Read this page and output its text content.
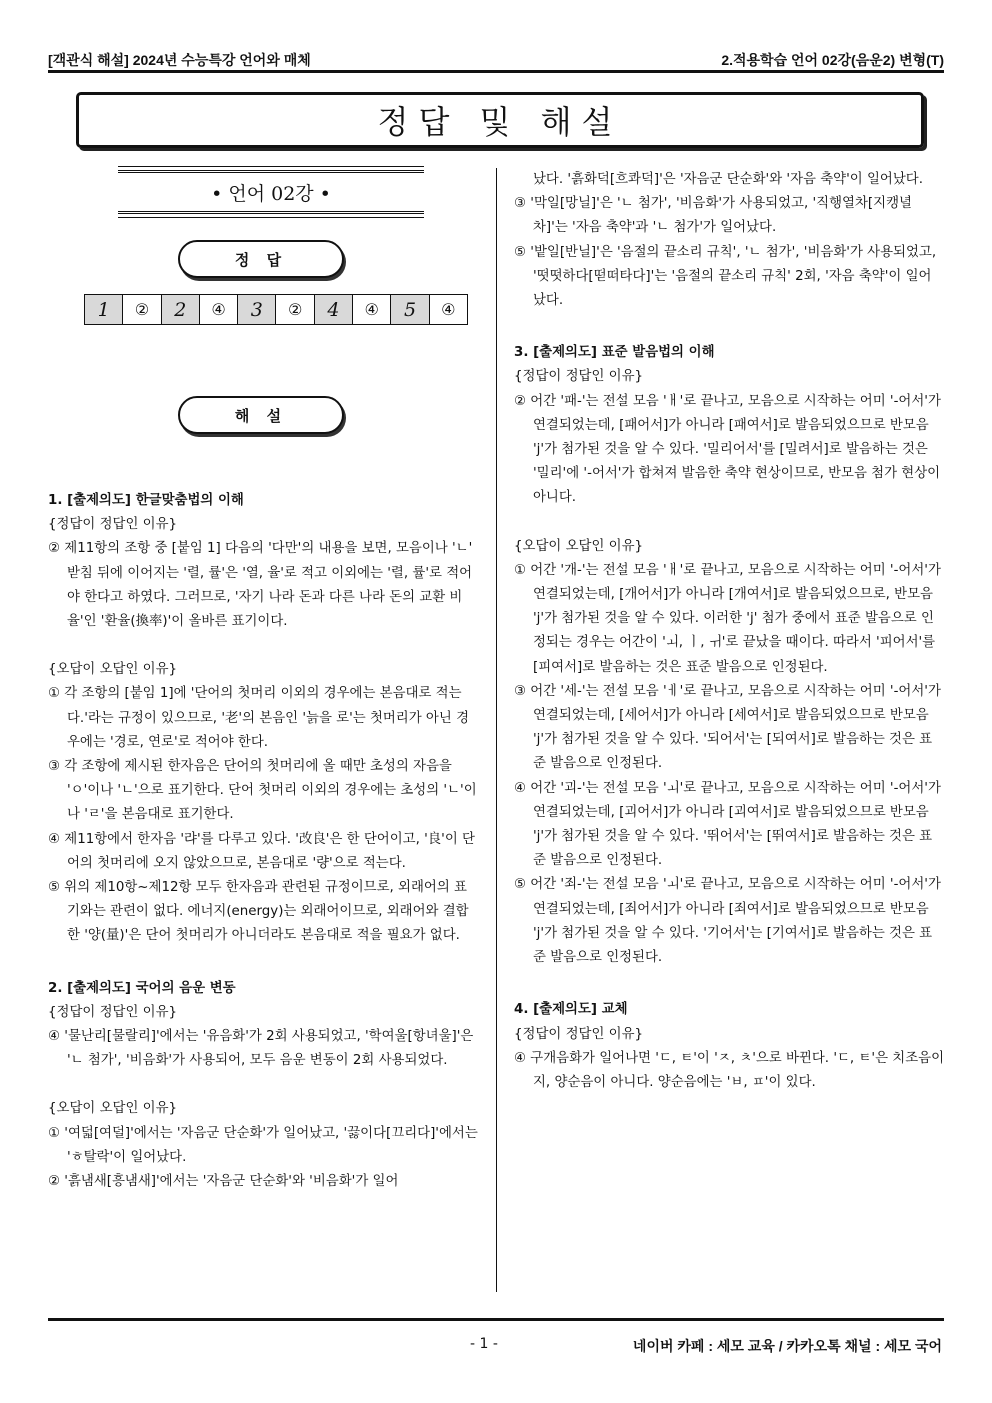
[객관식 해설] 2024년 수능특강 언어와 매체	2.적용학습 언어 02강(음운2) 변형(T)
정답 및 해설
• 언어 02강 •
정 답
1	②	2	④	3	②	4	④	5	④
해 설
1. [출제의도] 한글맞춤법의 이해
{정답이 정답인 이유}
② 제11항의 조항 중 [붙임 1] 다음의 '다만'의 내용을 보면, 모음이나 'ㄴ' 받침 뒤에 이어지는 '렬, 률'은 '열, 율'로 적고 이외에는 '렬, 률'로 적어야 한다고 하였다. 그러므로, '자기 나라 돈과 다른 나라 돈의 교환 비율'인 '환율(換率)'이 올바른 표기이다.
{오답이 오답인 이유}
① 각 조항의 [붙임 1]에 '단어의 첫머리 이외의 경우에는 본음대로 적는다.'라는 규정이 있으므로, '老'의 본음인 '늙을 로'는 첫머리가 아닌 경우에는 '경로, 연로'로 적어야 한다.
③ 각 조항에 제시된 한자음은 단어의 첫머리에 올 때만 초성의 자음을 'ㅇ'이나 'ㄴ'으로 표기한다. 단어 첫머리 이외의 경우에는 초성의 'ㄴ'이나 'ㄹ'을 본음대로 표기한다.
④ 제11항에서 한자음 '랴'를 다루고 있다. '改良'은 한 단어이고, '良'이 단어의 첫머리에 오지 않았으므로, 본음대로 '량'으로 적는다.
⑤ 위의 제10항~제12항 모두 한자음과 관련된 규정이므로, 외래어의 표기와는 관련이 없다. 에너지(energy)는 외래어이므로, 외래어와 결합한 '양(量)'은 단어 첫머리가 아니더라도 본음대로 적을 필요가 없다.
2. [출제의도] 국어의 음운 변동
{정답이 정답인 이유}
④ '물난리[물랄리]'에서는 '유음화'가 2회 사용되었고, '학여울[항녀울]'은 'ㄴ 첨가', '비음화'가 사용되어, 모두 음운 변동이 2회 사용되었다.
{오답이 오답인 이유}
① '여덟[여덜]'에서는 '자음군 단순화'가 일어났고, '끓이다[끄리다]'에서는 'ㅎ탈락'이 일어났다.
② '흙냄새[흥냄새]'에서는 '자음군 단순화'와 '비음화'가 일어
났다. '흙화덕[흐콰덕]'은 '자음군 단순화'와 '자음 축약'이 일어났다.
③ '막일[망닐]'은 'ㄴ 첨가', '비음화'가 사용되었고, '직행열차[지캥녈차]'는 '자음 축약'과 'ㄴ 첨가'가 일어났다.
⑤ '밭일[반닐]'은 '음절의 끝소리 규칙', 'ㄴ 첨가', '비음화'가 사용되었고, '떳떳하다[떧떠타다]'는 '음절의 끝소리 규칙' 2회, '자음 축약'이 일어났다.
3. [출제의도] 표준 발음법의 이해
{정답이 정답인 이유}
② 어간 '패-'는 전설 모음 'ㅐ'로 끝나고, 모음으로 시작하는 어미 '-어서'가 연결되었는데, [패어서]가 아니라 [패여서]로 발음되었으므로 반모음 'j'가 첨가된 것을 알 수 있다. '밀리어서'를 [밀려서]로 발음하는 것은 '밀리'에 '-어서'가 합쳐져 발음한 축약 현상이므로, 반모음 첨가 현상이 아니다.
{오답이 오답인 이유}
① 어간 '개-'는 전설 모음 'ㅐ'로 끝나고, 모음으로 시작하는 어미 '-어서'가 연결되었는데, [개어서]가 아니라 [개여서]로 발음되었으므로, 반모음 'j'가 첨가된 것을 알 수 있다. 이러한 'j' 첨가 중에서 표준 발음으로 인정되는 경우는 어간이 'ㅚ, ㅣ, ㅟ'로 끝났을 때이다. 따라서 '피어서'를 [피여서]로 발음하는 것은 표준 발음으로 인정된다.
③ 어간 '세-'는 전설 모음 'ㅔ'로 끝나고, 모음으로 시작하는 어미 '-어서'가 연결되었는데, [세어서]가 아니라 [세여서]로 발음되었으므로 반모음 'j'가 첨가된 것을 알 수 있다. '되어서'는 [되여서]로 발음하는 것은 표준 발음으로 인정된다.
④ 어간 '괴-'는 전설 모음 'ㅚ'로 끝나고, 모음으로 시작하는 어미 '-어서'가 연결되었는데, [괴어서]가 아니라 [괴여서]로 발음되었으므로 반모음 'j'가 첨가된 것을 알 수 있다. '뛰어서'는 [뛰여서]로 발음하는 것은 표준 발음으로 인정된다.
⑤ 어간 '죄-'는 전설 모음 'ㅚ'로 끝나고, 모음으로 시작하는 어미 '-어서'가 연결되었는데, [죄어서]가 아니라 [죄여서]로 발음되었으므로 반모음 'j'가 첨가된 것을 알 수 있다. '기어서'는 [기여서]로 발음하는 것은 표준 발음으로 인정된다.
4. [출제의도] 교체
{정답이 정답인 이유}
④ 구개음화가 일어나면 'ㄷ, ㅌ'이 'ㅈ, ㅊ'으로 바뀐다. 'ㄷ, ㅌ'은 치조음이지, 양순음이 아니다. 양순음에는 'ㅂ, ㅍ'이 있다.
- 1 -	네이버 카페 : 세모 교육 / 카카오톡 채널 : 세모 국어
